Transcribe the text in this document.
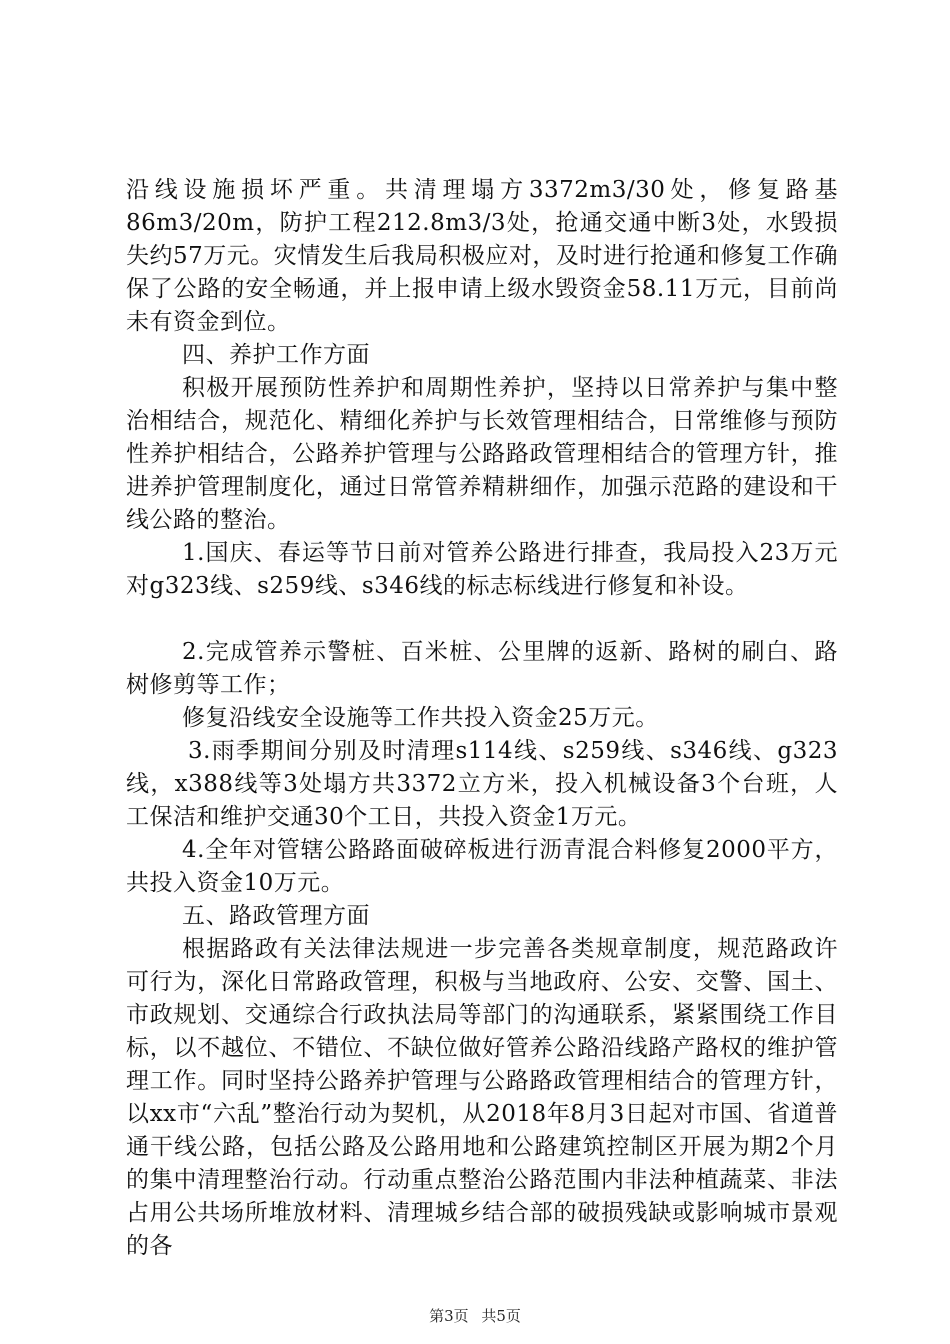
沿线设施损坏严重。共清理塌方3372m3/30处，修复路基86m3/20m，防护工程212.8m3/3处，抢通交通中断3处，水毁损失约57万元。灾情发生后我局积极应对，及时进行抢通和修复工作确保了公路的安全畅通，并上报申请上级水毁资金58.11万元，目前尚未有资金到位。

四、养护工作方面

积极开展预防性养护和周期性养护，坚持以日常养护与集中整治相结合，规范化、精细化养护与长效管理相结合，日常维修与预防性养护相结合，公路养护管理与公路路政管理相结合的管理方针，推进养护管理制度化，通过日常管养精耕细作，加强示范路的建设和干线公路的整治。

1.国庆、春运等节日前对管养公路进行排查，我局投入23万元对g323线、s259线、s346线的标志标线进行修复和补设。

2.完成管养示警桩、百米桩、公里牌的返新、路树的刷白、路树修剪等工作；

修复沿线安全设施等工作共投入资金25万元。

3.雨季期间分别及时清理s114线、s259线、s346线、g323线，x388线等3处塌方共3372立方米，投入机械设备3个台班，人工保洁和维护交通30个工日，共投入资金1万元。

4.全年对管辖公路路面破碎板进行沥青混合料修复2000平方，共投入资金10万元。

五、路政管理方面

根据路政有关法律法规进一步完善各类规章制度，规范路政许可行为，深化日常路政管理，积极与当地政府、公安、交警、国土、市政规划、交通综合行政执法局等部门的沟通联系，紧紧围绕工作目标，以不越位、不错位、不缺位做好管养公路沿线路产路权的维护管理工作。同时坚持公路养护管理与公路路政管理相结合的管理方针，以xx市“六乱”整治行动为契机，从2018年8月3日起对市国、省道普通干线公路，包括公路及公路用地和公路建筑控制区开展为期2个月的集中清理整治行动。行动重点整治公路范围内非法种植蔬菜、非法占用公共场所堆放材料、清理城乡结合部的破损残缺或影响城市景观的各

第3页 共5页
